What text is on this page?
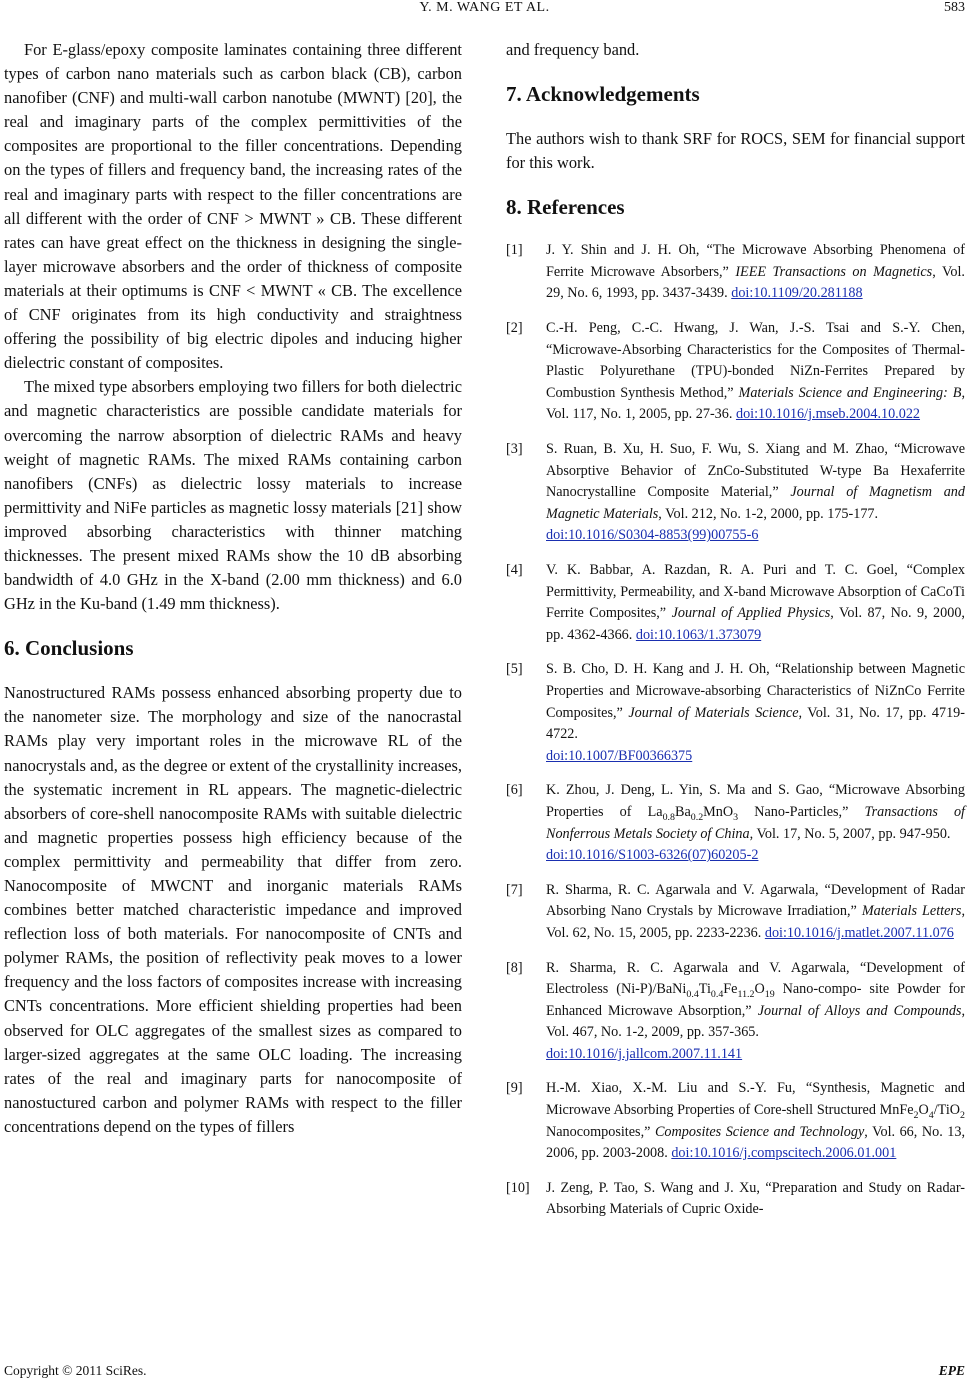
Y. M. WANG ET AL.	583

For E-glass/epoxy composite laminates containing three different types of carbon nano materials such as carbon black (CB), carbon nanofiber (CNF) and multi-wall carbon nanotube (MWNT) [20], the real and imaginary parts of the complex permittivities of the composites are proportional to the filler concentrations. Depending on the types of fillers and frequency band, the increasing rates of the real and imaginary parts with respect to the filler concentrations are all different with the order of CNF > MWNT » CB. These different rates can have great effect on the thickness in designing the single-layer microwave absorbers and the order of thickness of composite materials at their optimums is CNF < MWNT « CB. The excellence of CNF originates from its high conductivity and straightness offering the possibility of big electric dipoles and inducing higher dielectric constant of composites.

The mixed type absorbers employing two fillers for both dielectric and magnetic characteristics are possible candidate materials for overcoming the narrow absorption of dielectric RAMs and heavy weight of magnetic RAMs. The mixed RAMs containing carbon nanofibers (CNFs) as dielectric lossy materials to increase permittivity and NiFe particles as magnetic lossy materials [21] show improved absorbing characteristics with thinner matching thicknesses. The present mixed RAMs show the 10 dB absorbing bandwidth of 4.0 GHz in the X-band (2.00 mm thickness) and 6.0 GHz in the Ku-band (1.49 mm thickness).

6. Conclusions

Nanostructured RAMs possess enhanced absorbing property due to the nanometer size. The morphology and size of the nanocrastal RAMs play very important roles in the microwave RL of the nanocrystals and, as the degree or extent of the crystallinity increases, the systematic increment in RL appears. The magnetic-dielectric absorbers of core-shell nanocomposite RAMs with suitable dielectric and magnetic properties possess high efficiency because of the complex permittivity and permeability that differ from zero. Nanocomposite of MWCNT and inorganic materials RAMs combines better matched characteristic impedance and improved reflection loss of both materials. For nanocomposite of CNTs and polymer RAMs, the position of reflectivity peak moves to a lower frequency and the loss factors of composites increase with increasing CNTs concentrations. More efficient shielding properties had been observed for OLC aggregates of the smallest sizes as compared to larger-sized aggregates at the same OLC loading. The increasing rates of the real and imaginary parts for nanocomposite of nanostuctured carbon and polymer RAMs with respect to the filler concentrations depend on the types of fillers

and frequency band.

7. Acknowledgements

The authors wish to thank SRF for ROCS, SEM for financial support for this work.

8. References
[1] J. Y. Shin and J. H. Oh, “The Microwave Absorbing Phenomena of Ferrite Microwave Absorbers,” IEEE Transactions on Magnetics, Vol. 29, No. 6, 1993, pp. 3437-3439. doi:10.1109/20.281188
[2] C.-H. Peng, C.-C. Hwang, J. Wan, J.-S. Tsai and S.-Y. Chen, “Microwave-Absorbing Characteristics for the Composites of Thermal-Plastic Polyurethane (TPU)-bonded NiZn-Ferrites Prepared by Combustion Synthesis Method,” Materials Science and Engineering: B, Vol. 117, No. 1, 2005, pp. 27-36. doi:10.1016/j.mseb.2004.10.022
[3] S. Ruan, B. Xu, H. Suo, F. Wu, S. Xiang and M. Zhao, “Microwave Absorptive Behavior of ZnCo-Substituted W-type Ba Hexaferrite Nanocrystalline Composite Material,” Journal of Magnetism and Magnetic Materials, Vol. 212, No. 1-2, 2000, pp. 175-177.
doi:10.1016/S0304-8853(99)00755-6
[4] V. K. Babbar, A. Razdan, R. A. Puri and T. C. Goel, “Complex Permittivity, Permeability, and X-band Microwave Absorption of CaCoTi Ferrite Composites,” Journal of Applied Physics, Vol. 87, No. 9, 2000, pp. 4362-4366. doi:10.1063/1.373079
[5] S. B. Cho, D. H. Kang and J. H. Oh, “Relationship between Magnetic Properties and Microwave-absorbing Characteristics of NiZnCo Ferrite Composites,” Journal of Materials Science, Vol. 31, No. 17, pp. 4719-4722.
doi:10.1007/BF00366375
[6] K. Zhou, J. Deng, L. Yin, S. Ma and S. Gao, “Microwave Absorbing Properties of $La_{0.8}Ba_{0.2}MnO_3$ Nano-Particles,” Transactions of Nonferrous Metals Society of China, Vol. 17, No. 5, 2007, pp. 947-950.
doi:10.1016/S1003-6326(07)60205-2
[7] R. Sharma, R. C. Agarwala and V. Agarwala, “Development of Radar Absorbing Nano Crystals by Microwave Irradiation,” Materials Letters, Vol. 62, No. 15, 2005, pp. 2233-2236. doi:10.1016/j.matlet.2007.11.076
[8] R. Sharma, R. C. Agarwala and V. Agarwala, “Development of Electroless $(Ni-P)/BaNi_{0.4}Ti_{0.4}Fe_{11.2}O_{19}$ Nano-compo- site Powder for Enhanced Microwave Absorption,” Journal of Alloys and Compounds, Vol. 467, No. 1-2, 2009, pp. 357-365.
doi:10.1016/j.jallcom.2007.11.141
[9] H.-M. Xiao, X.-M. Liu and S.-Y. Fu, “Synthesis, Magnetic and Microwave Absorbing Properties of Core-shell Structured $MnFe_2O_4/TiO_2$ Nanocomposites,” Composites Science and Technology, Vol. 66, No. 13, 2006, pp. 2003-2008. doi:10.1016/j.compscitech.2006.01.001
[10] J. Zeng, P. Tao, S. Wang and J. Xu, “Preparation and Study on Radar-Absorbing Materials of Cupric Oxide-
Copyright © 2011 SciRes.	EPE
